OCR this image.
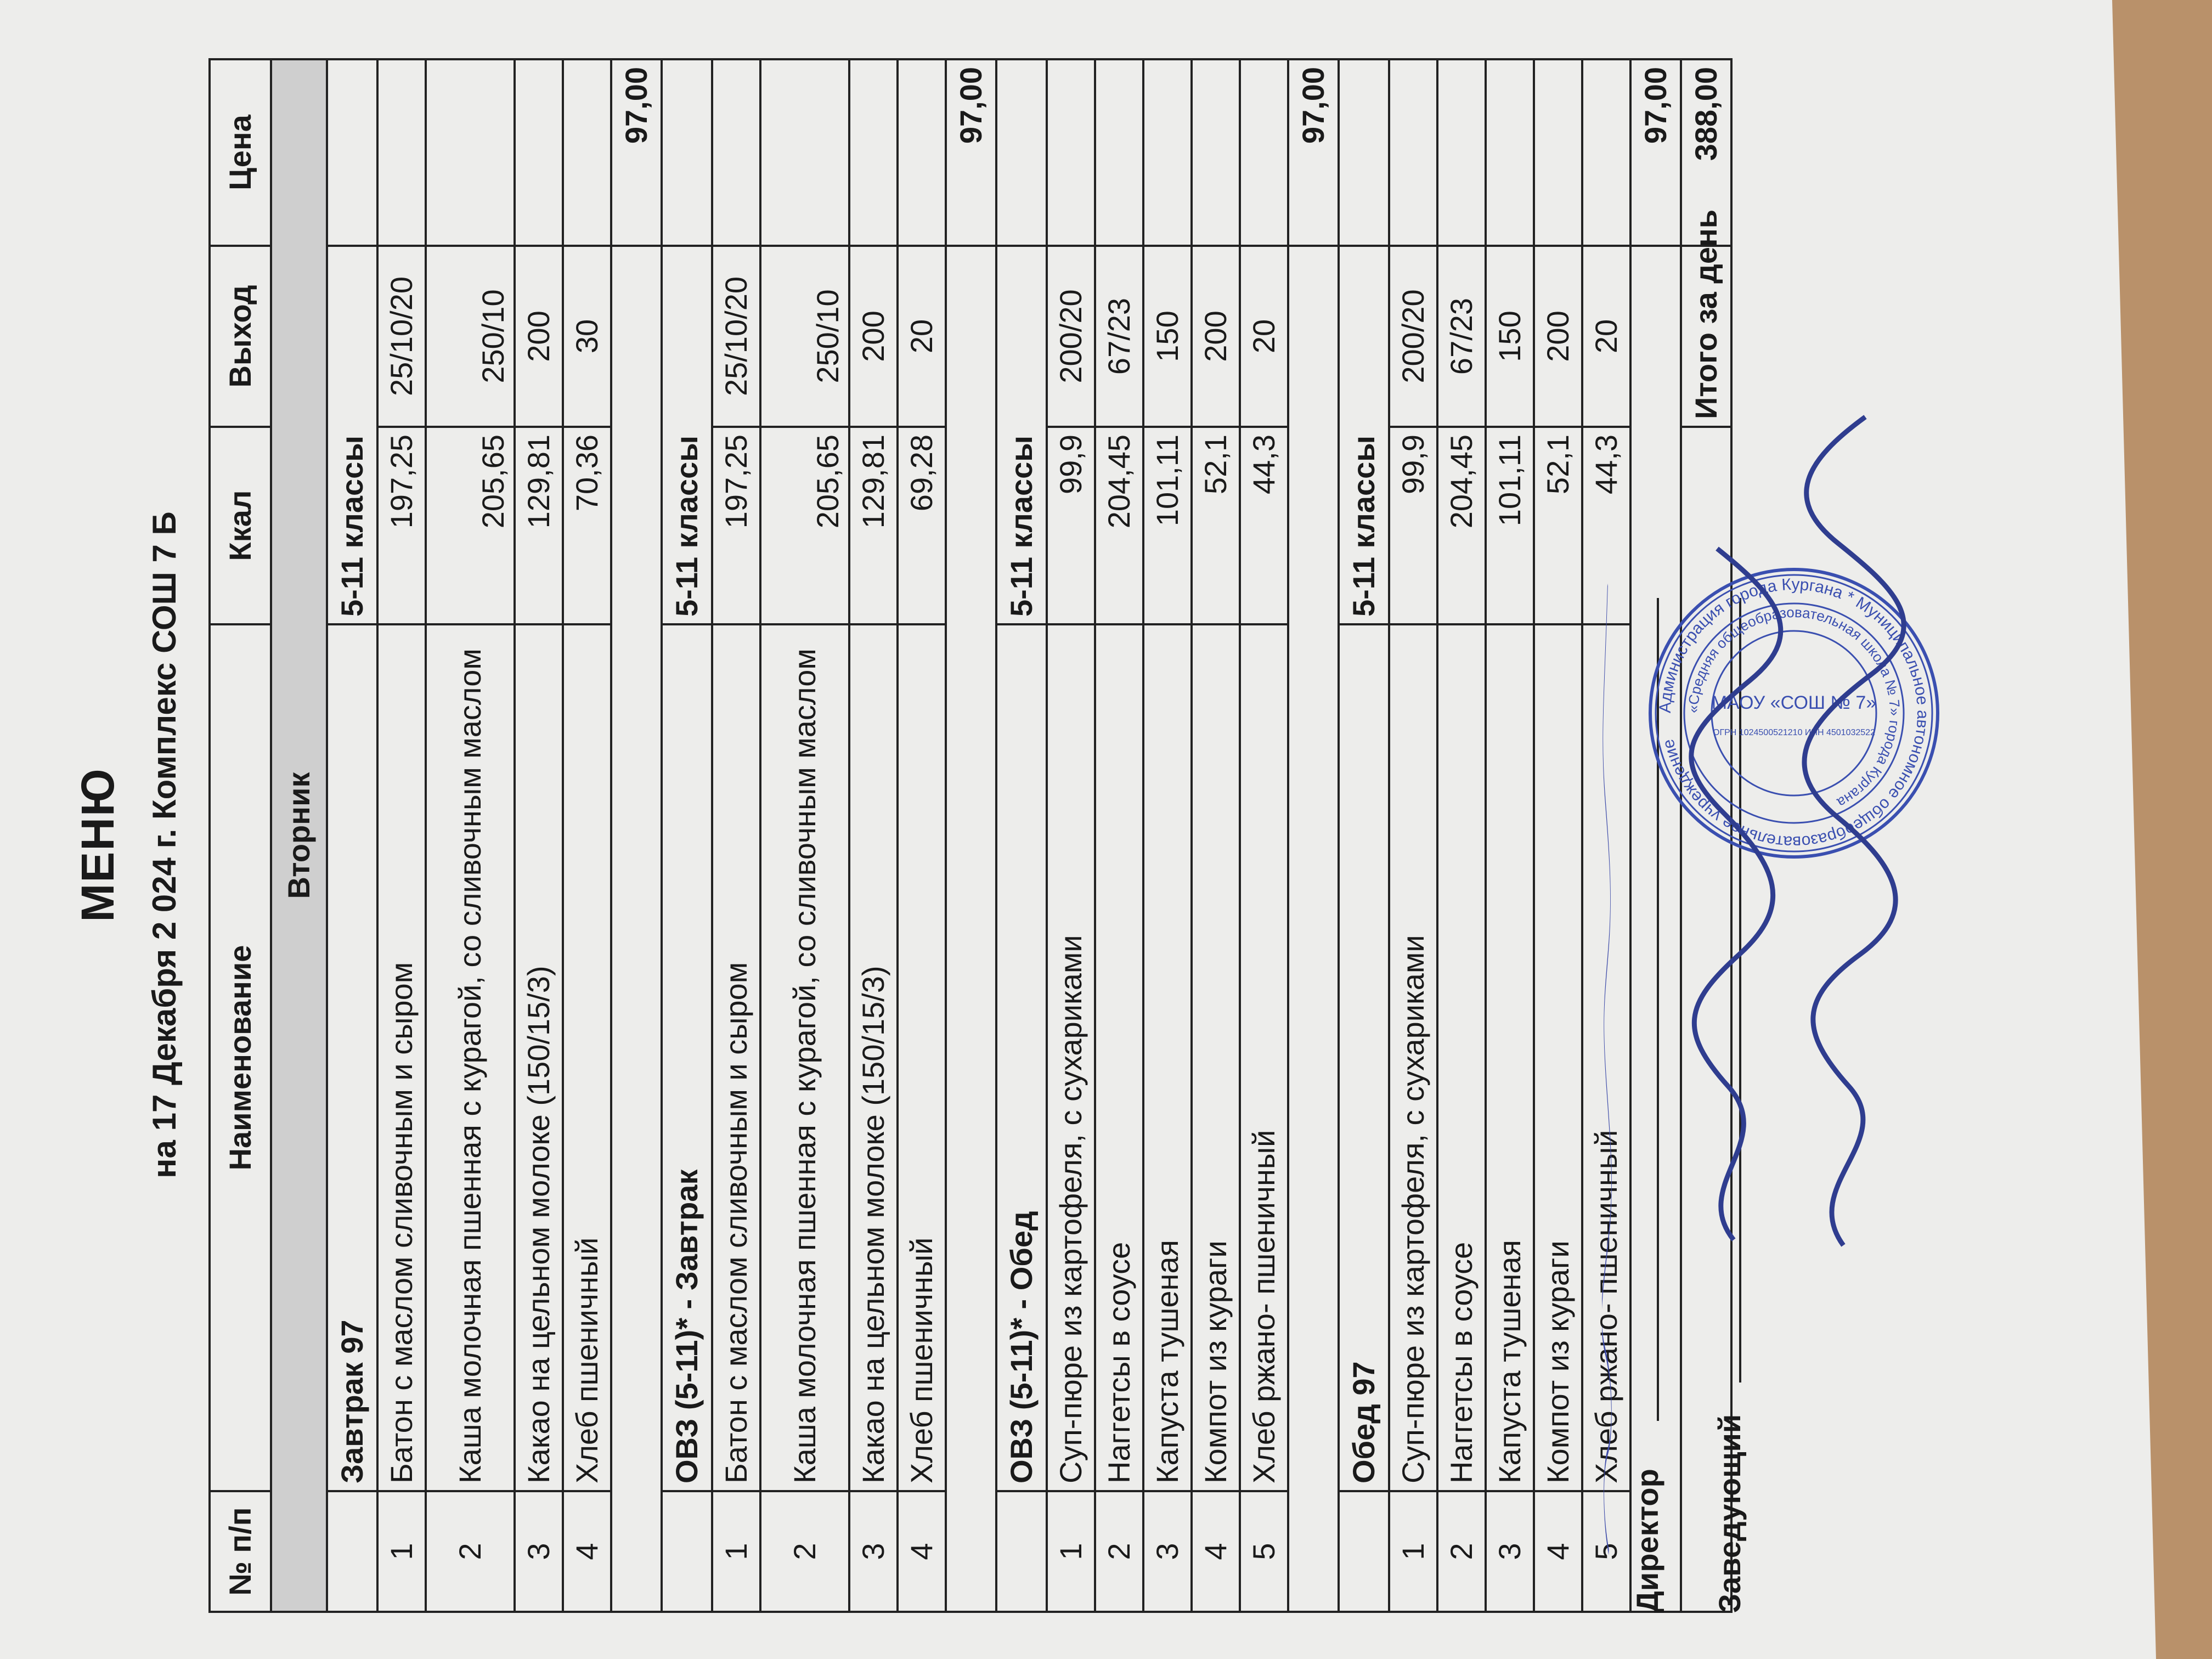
МЕНЮ на 17 Декабря 2 024 г. Комплекс СОШ 7 Б
№ п/п	Наименование	Ккал	Выход	Цена
Вторник				
	Завтрак 97	5-11 классы		
1	Батон с маслом сливочным и сыром	197,25	25/10/20	
2	Каша молочная пшенная с курагой, со сливочным маслом	205,65	250/10	
3	Какао на цельном молоке (150/15/3)	129,81	200	
4	Хлеб пшеничный	70,36	30	
				97,00
	ОВЗ (5-11)* - Завтрак	5-11 классы		
1	Батон с маслом сливочным и сыром	197,25	25/10/20	
2	Каша молочная пшенная с курагой, со сливочным маслом	205,65	250/10	
3	Какао на цельном молоке (150/15/3)	129,81	200	
4	Хлеб пшеничный	69,28	20	
				97,00
	ОВЗ (5-11)* - Обед	5-11 классы		
1	Суп-пюре из картофеля, с сухариками	99,9	200/20	
2	Наггетсы в соусе	204,45	67/23	
3	Капуста тушеная	101,11	150	
4	Компот из кураги	52,1	200	
5	Хлеб ржано- пшеничный	44,3	20	
				97,00
	Обед 97	5-11 классы		
1	Суп-пюре из картофеля, с сухариками	99,9	200/20	
2	Наггетсы в соусе	204,45	67/23	
3	Капуста тушеная	101,11	150	
4	Компот из кураги	52,1	200	
5	Хлеб ржано- пшеничный	44,3	20	
				97,00
			Итого за день	388,00
Директор Заведующий
Администрация города Кургана * Муниципальное автономное общеобразовательное учреждение
«Средняя общеобразовательная школа № 7» города Кургана
МАОУ «СОШ № 7»
ОГРН 1024500521210 ИНН 4501032522
